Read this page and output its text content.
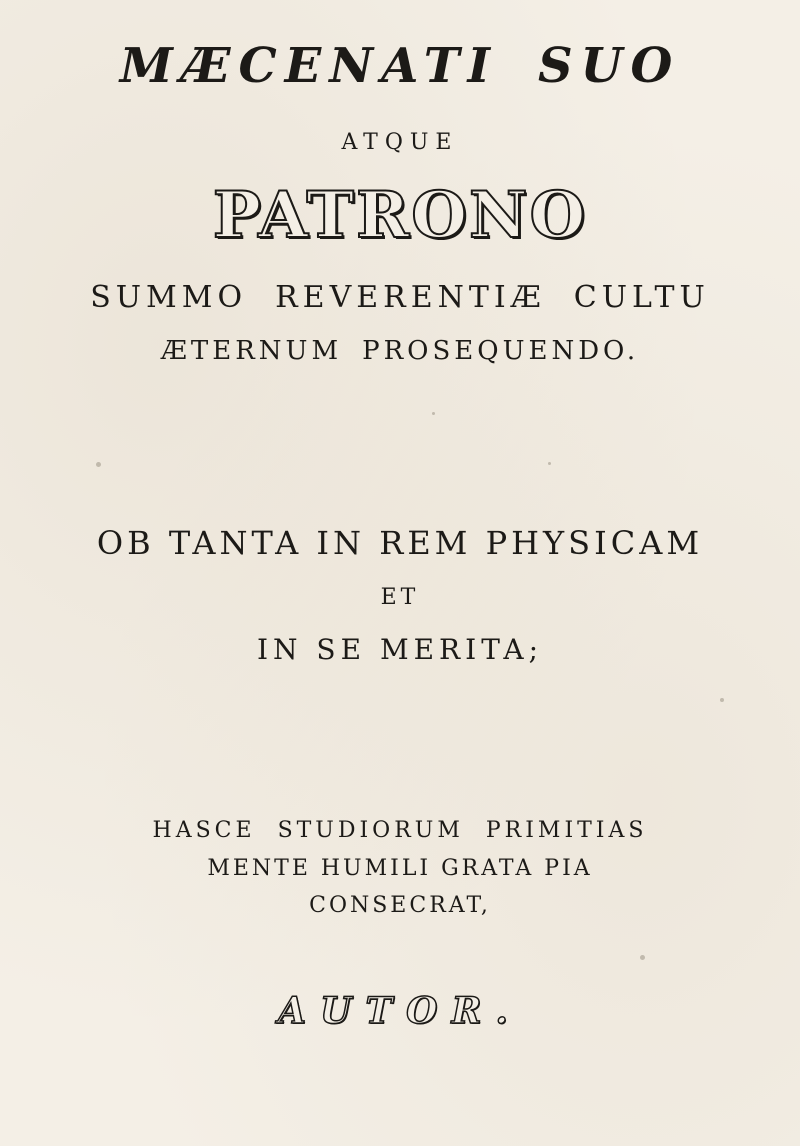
MÆCENATI SUO
ATQUE
PATRONO
SUMMO REVERENTIÆ CULTU
ÆTERNUM PROSEQUENDO.
OB TANTA IN REM PHYSICAM
ET
IN SE MERITA;
HASCE STUDIORUM PRIMITIAS
MENTE HUMILI GRATA PIA
CONSECRAT,
AUTOR.
